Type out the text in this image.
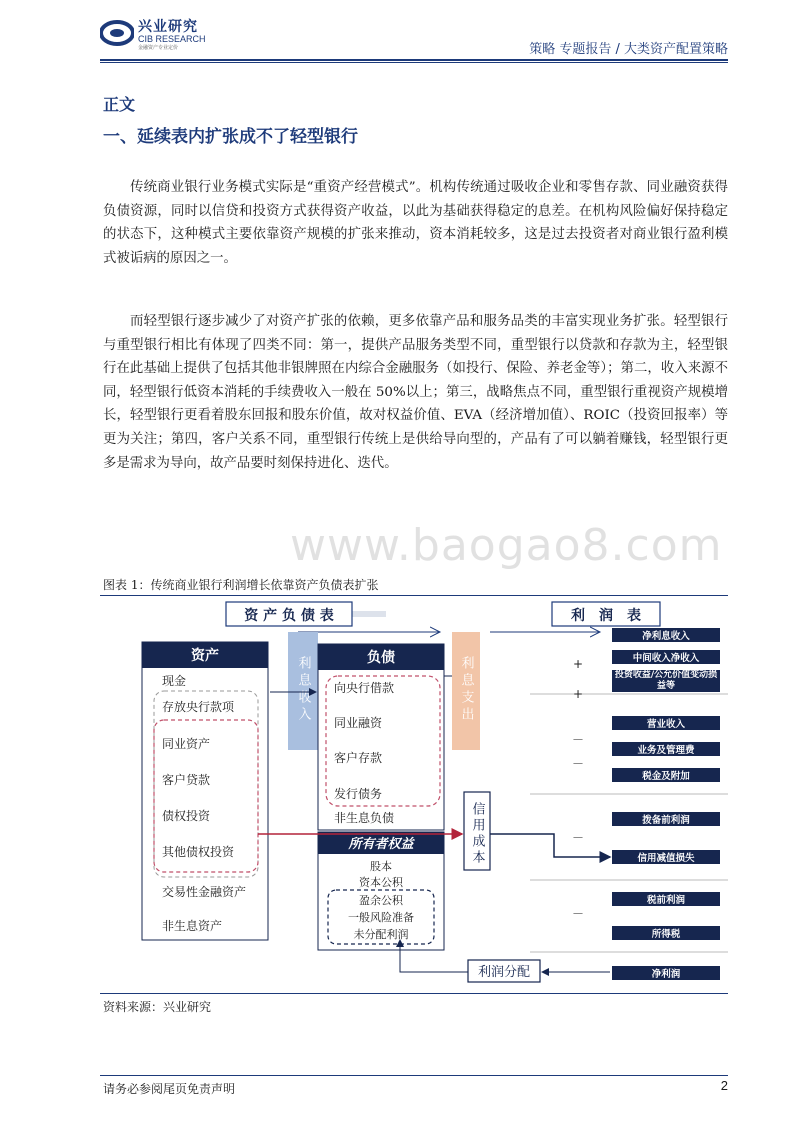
兴业研究
CIB RESEARCH
金融资产专业定价	策略 专题报告 / 大类资产配置策略
正文
一、延续表内扩张成不了轻型银行

传统商业银行业务模式实际是“重资产经营模式”。机构传统通过吸收企业和零售存款、同业融资获得负债资源，同时以信贷和投资方式获得资产收益，以此为基础获得稳定的息差。在机构风险偏好保持稳定的状态下，这种模式主要依靠资产规模的扩张来推动，资本消耗较多，这是过去投资者对商业银行盈利模式被诟病的原因之一。

而轻型银行逐步减少了对资产扩张的依赖，更多依靠产品和服务品类的丰富实现业务扩张。轻型银行与重型银行相比有体现了四类不同：第一，提供产品服务类型不同，重型银行以贷款和存款为主，轻型银行在此基础上提供了包括其他非银牌照在内综合金融服务（如投行、保险、养老金等）；第二，收入来源不同，轻型银行低资本消耗的手续费收入一般在 50%以上；第三，战略焦点不同，重型银行重视资产规模增长，轻型银行更看着股东回报和股东价值，故对权益价值、EVA（经济增加值）、ROIC（投资回报率）等更为关注；第四，客户关系不同，重型银行传统上是供给导向型的，产品有了可以躺着赚钱，轻型银行更多是需求为导向，故产品要时刻保持进化、迭代。

www.baogao8.com
图表 1：传统商业银行利润增长依靠资产负债表扩张
资 产 负 债 表	利　润　表
资产
现金
存放央行款项
同业资产
客户贷款
债权投资
其他债权投资
交易性金融资产
非生息资产
利息收入	负债
向央行借款
同业融资
客户存款
发行债务
非生息负债
所有者权益
股本
资本公积
盈余公积
一般风险准备
未分配利润
利息支出
信用成本
利润分配
净利息收入
中间收入净收入
投资收益/公允价值变动损益等
营业收入
业务及管理费
税金及附加
拨备前利润
信用减值损失
税前利润
所得税
净利润
+
+
－
－
－
－
资料来源：兴业研究
请务必参阅尾页免责声明	2
